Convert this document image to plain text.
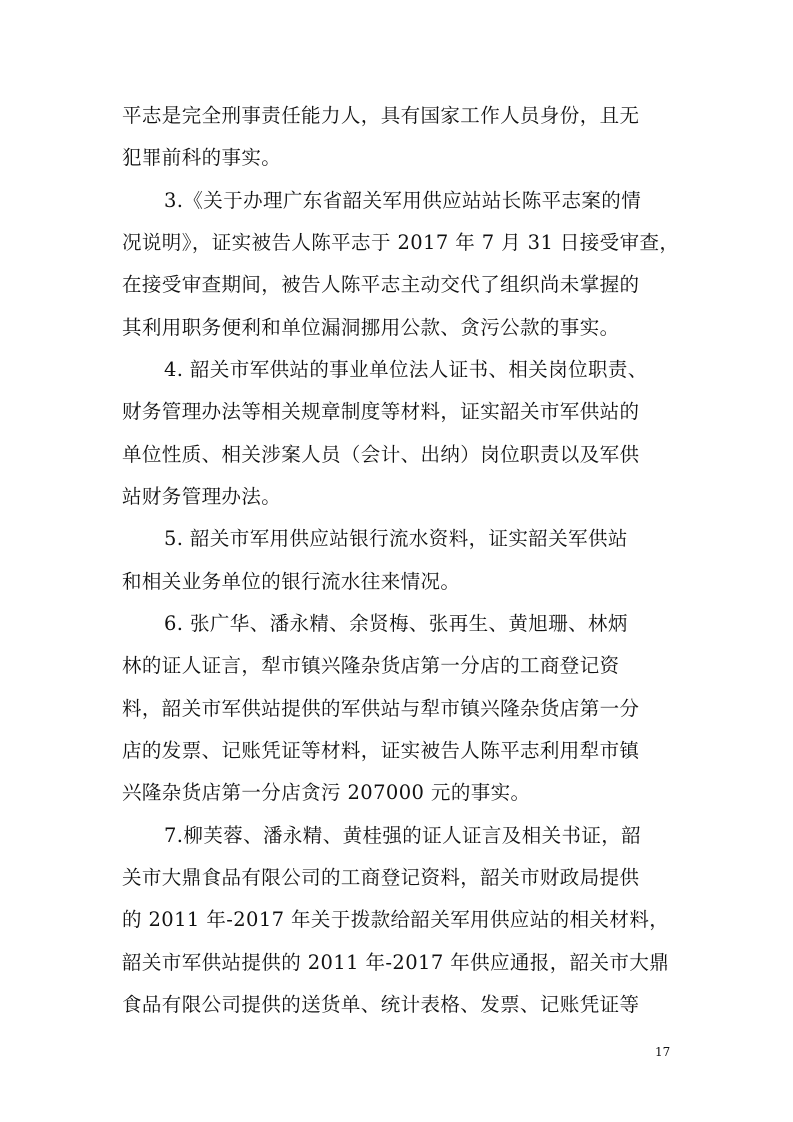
平志是完全刑事责任能力人，具有国家工作人员身份，且无
犯罪前科的事实。
3.《关于办理广东省韶关军用供应站站长陈平志案的情
况说明》，证实被告人陈平志于 2017 年 7 月 31 日接受审查，
在接受审查期间，被告人陈平志主动交代了组织尚未掌握的
其利用职务便利和单位漏洞挪用公款、贪污公款的事实。
4. 韶关市军供站的事业单位法人证书、相关岗位职责、
财务管理办法等相关规章制度等材料，证实韶关市军供站的
单位性质、相关涉案人员（会计、出纳）岗位职责以及军供
站财务管理办法。
5. 韶关市军用供应站银行流水资料，证实韶关军供站
和相关业务单位的银行流水往来情况。
6. 张广华、潘永精、余贤梅、张再生、黄旭珊、林炳
林的证人证言，犁市镇兴隆杂货店第一分店的工商登记资
料，韶关市军供站提供的军供站与犁市镇兴隆杂货店第一分
店的发票、记账凭证等材料，证实被告人陈平志利用犁市镇
兴隆杂货店第一分店贪污 207000 元的事实。
7.柳芙蓉、潘永精、黄桂强的证人证言及相关书证，韶
关市大鼎食品有限公司的工商登记资料，韶关市财政局提供
的 2011 年-2017 年关于拨款给韶关军用供应站的相关材料，
韶关市军供站提供的 2011 年-2017 年供应通报，韶关市大鼎
食品有限公司提供的送货单、统计表格、发票、记账凭证等
17
